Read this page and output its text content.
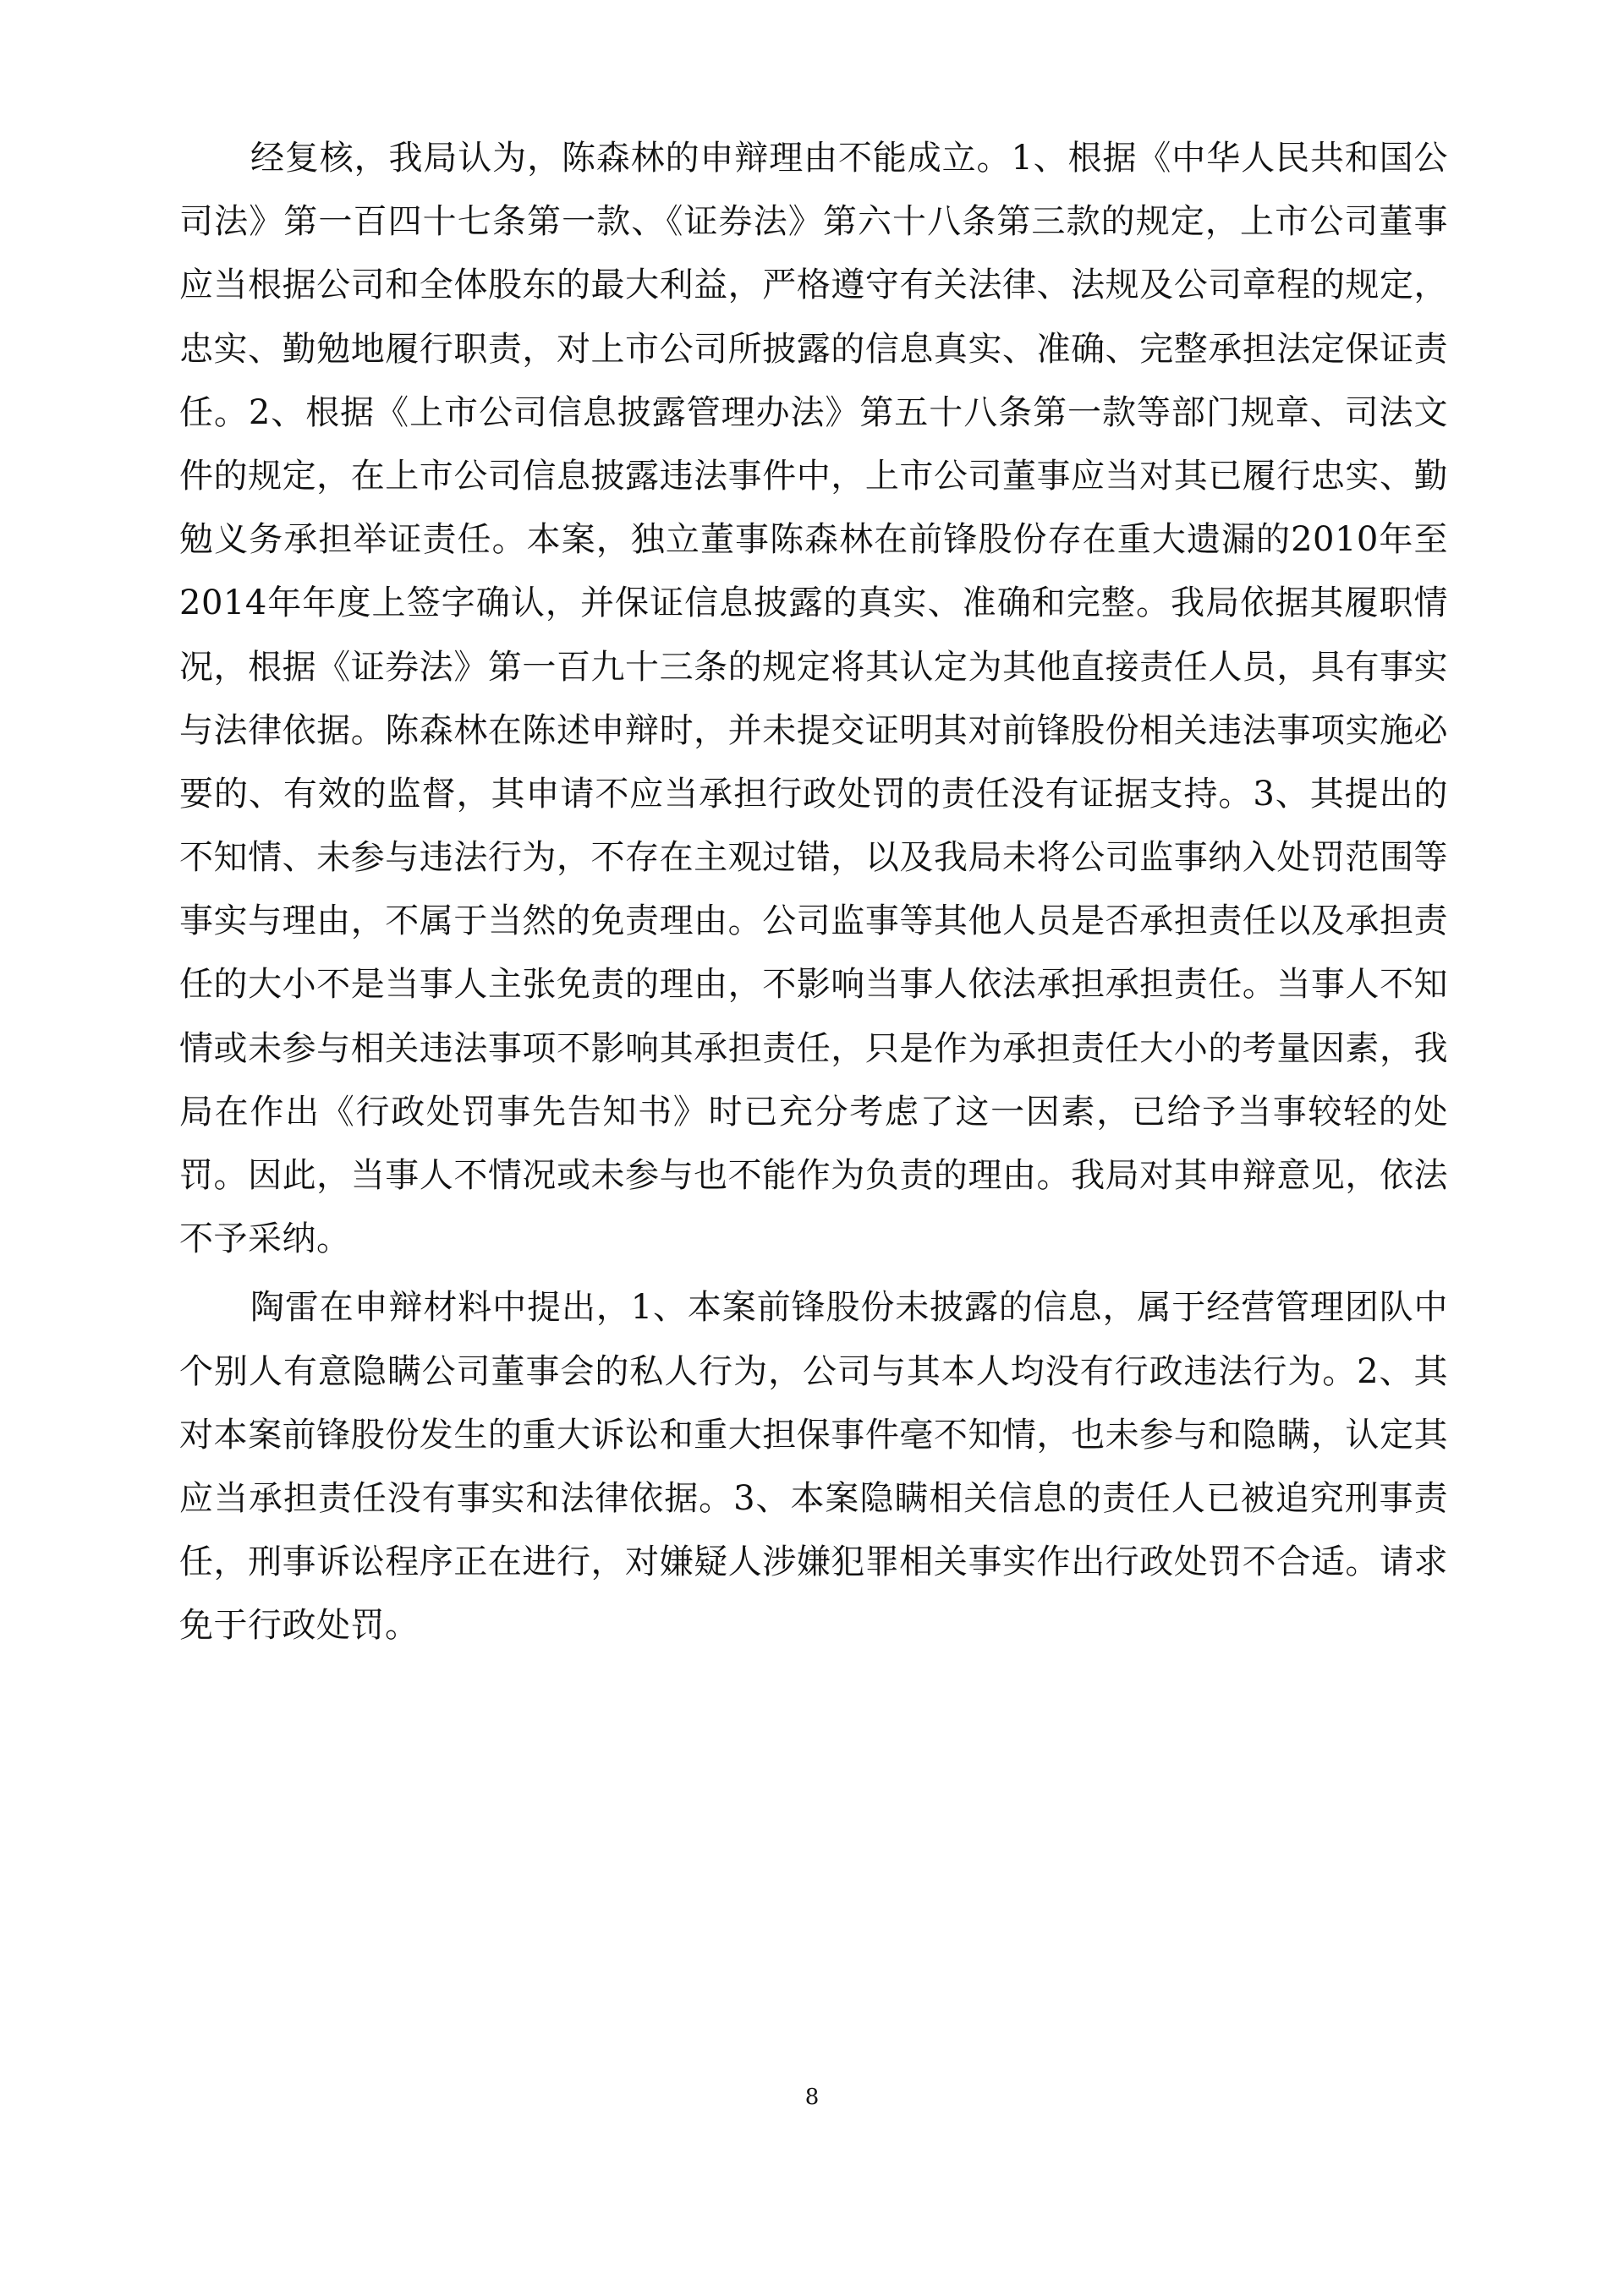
经复核，我局认为，陈森林的申辩理由不能成立。1、根据《中华人民共和国公司法》第一百四十七条第一款、《证券法》第六十八条第三款的规定，上市公司董事应当根据公司和全体股东的最大利益，严格遵守有关法律、法规及公司章程的规定，忠实、勤勉地履行职责，对上市公司所披露的信息真实、准确、完整承担法定保证责任。2、根据《上市公司信息披露管理办法》第五十八条第一款等部门规章、司法文件的规定，在上市公司信息披露违法事件中，上市公司董事应当对其已履行忠实、勤勉义务承担举证责任。本案，独立董事陈森林在前锋股份存在重大遗漏的2010年至2014年年度上签字确认，并保证信息披露的真实、准确和完整。我局依据其履职情况，根据《证券法》第一百九十三条的规定将其认定为其他直接责任人员，具有事实与法律依据。陈森林在陈述申辩时，并未提交证明其对前锋股份相关违法事项实施必要的、有效的监督，其申请不应当承担行政处罚的责任没有证据支持。3、其提出的不知情、未参与违法行为，不存在主观过错，以及我局未将公司监事纳入处罚范围等事实与理由，不属于当然的免责理由。公司监事等其他人员是否承担责任以及承担责任的大小不是当事人主张免责的理由，不影响当事人依法承担承担责任。当事人不知情或未参与相关违法事项不影响其承担责任，只是作为承担责任大小的考量因素，我局在作出《行政处罚事先告知书》时已充分考虑了这一因素，已给予当事较轻的处罚。因此，当事人不情况或未参与也不能作为负责的理由。我局对其申辩意见，依法不予采纳。

陶雷在申辩材料中提出，1、本案前锋股份未披露的信息，属于经营管理团队中个别人有意隐瞒公司董事会的私人行为，公司与其本人均没有行政违法行为。2、其对本案前锋股份发生的重大诉讼和重大担保事件毫不知情，也未参与和隐瞒，认定其应当承担责任没有事实和法律依据。3、本案隐瞒相关信息的责任人已被追究刑事责任，刑事诉讼程序正在进行，对嫌疑人涉嫌犯罪相关事实作出行政处罚不合适。请求免于行政处罚。

8
